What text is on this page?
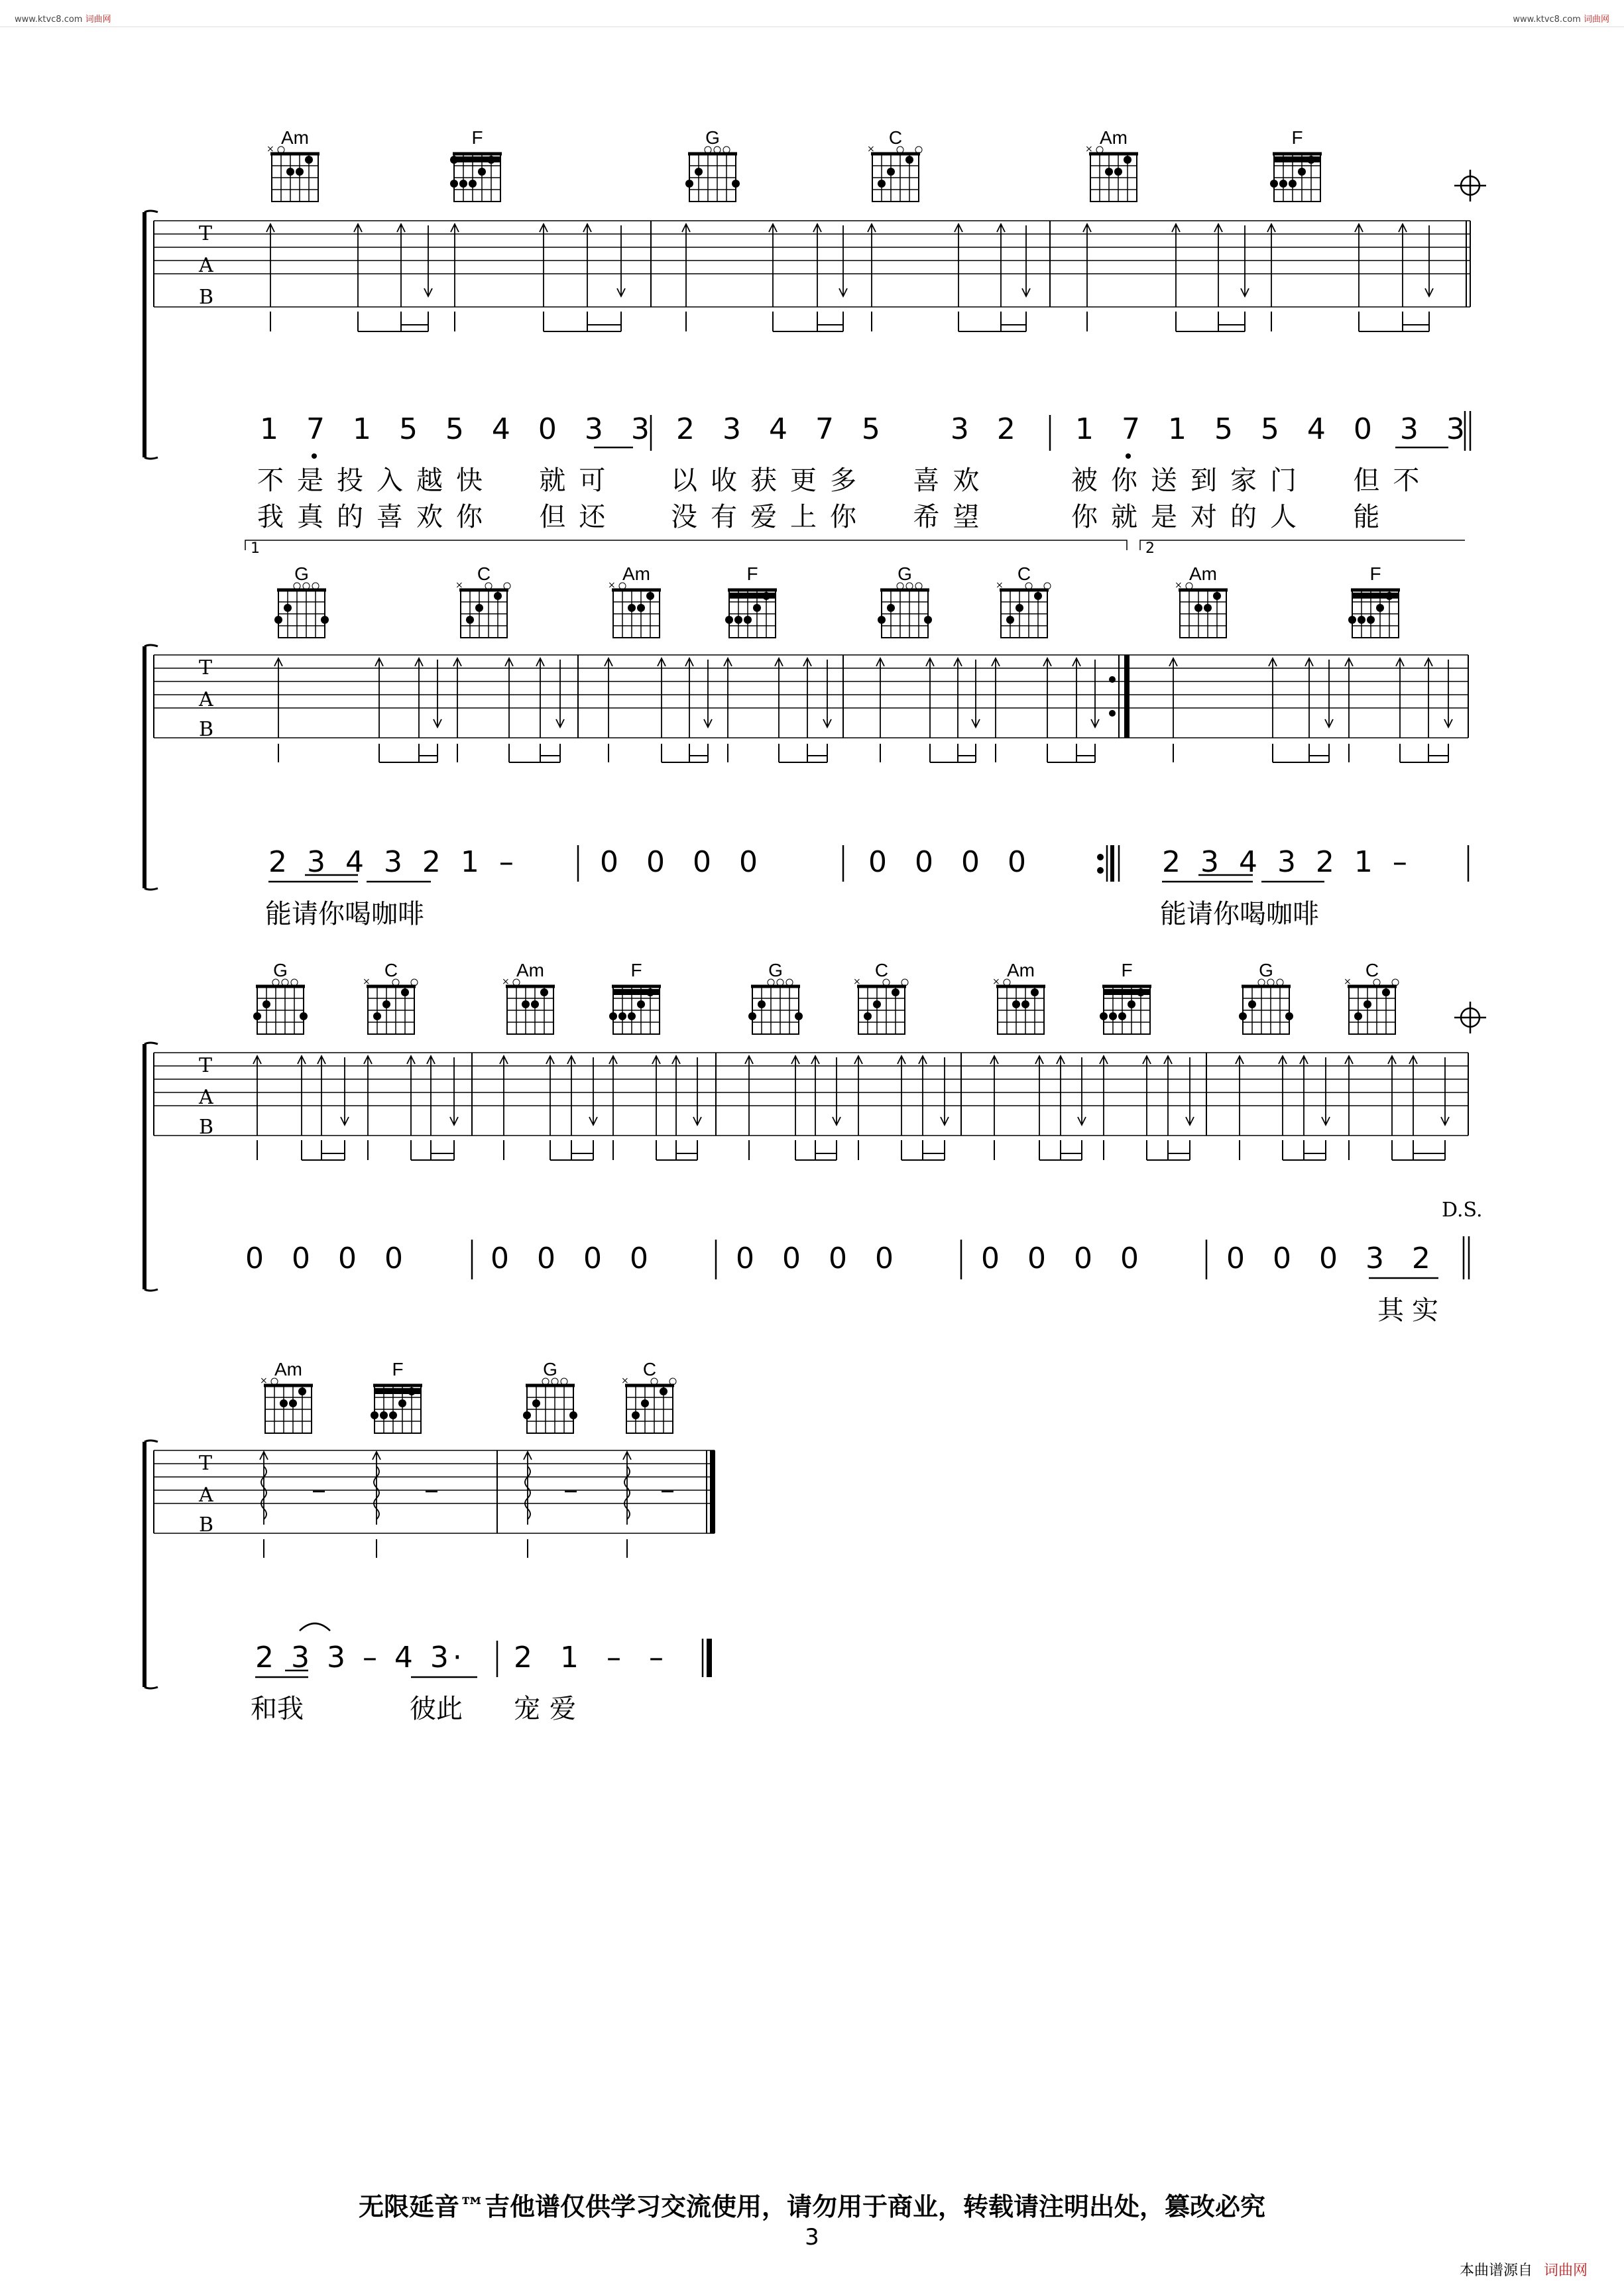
www.ktvc8.com 词曲网	www.ktvc8.com 词曲网
×	×	×
T
A
B
×	×	×	×
T
A
B
×	×	×	×	×
T
A
B
×	×
T
A
B
Am	F	G	C	Am	F
G	C	Am	F	G	C	Am	F
G	C	Am	F	G	C	Am	F	G	C
Am	F	G	C
1	2
1 7 1 5 5 4 0 3 3 2 3 4 7 5   3 2 1 7 1 5 5 4 0 3 3
不是投入越快  就可 以收获更多  喜欢	被你送到家门  但不
我真的喜欢你  但还 没有爱上你  希望	你就是对的人  能
2 3 4 3 2 1 –	0 0 0 0	0 0 0 0	2 3 4 3 2 1 –
能请你喝咖啡	能请你喝咖啡
0 0 0 0	0 0 0 0	0 0 0 0	0 0 0 0	0 0 0 3 2
D.S.
其实
2 3 3 – 4 3· 2 1 – –
和我	彼此 宠爱
无限延音™吉他谱仅供学习交流使用，请勿用于商业，转载请注明出处，篡改必究
3
本曲谱源自 词曲网
